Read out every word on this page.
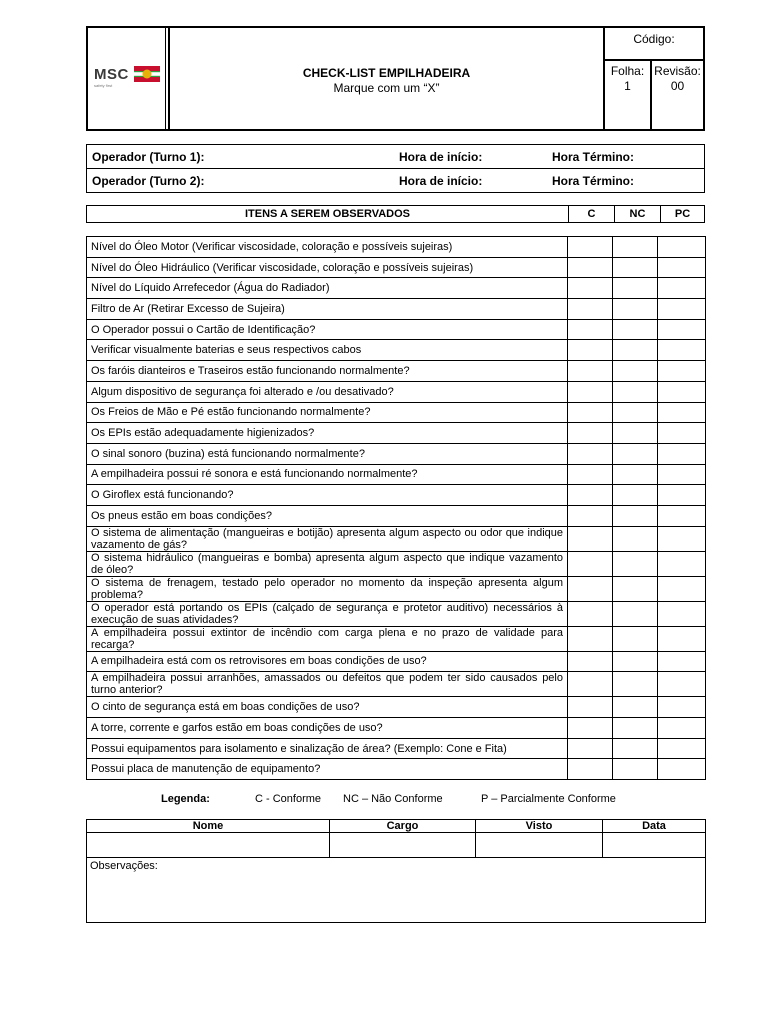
MSC
safety first
CHECK-LIST EMPILHADEIRA
Marque com um “X”
Código:
Folha:
1
Revisão:
00
Operador (Turno 1):	Hora de início:	Hora Término:

Operador (Turno 2):	Hora de início:	Hora Término:
ITENS A SEREM OBSERVADOS	C	NC	PC
Nível do Óleo Motor (Verificar viscosidade, coloração e possíveis sujeiras)			
Nível do Óleo Hidráulico (Verificar viscosidade, coloração e possíveis sujeiras)			
Nível do Líquido Arrefecedor (Água do Radiador)			
Filtro de Ar (Retirar Excesso de Sujeira)			
O Operador possui o Cartão de Identificação?			
Verificar visualmente baterias e seus respectivos cabos			
Os faróis dianteiros e Traseiros estão funcionando normalmente?			
Algum dispositivo de segurança foi alterado e /ou desativado?			
Os Freios de Mão e Pé estão funcionando normalmente?			
Os EPIs estão adequadamente higienizados?			
O sinal sonoro (buzina) está funcionando normalmente?			
A empilhadeira possui ré sonora e está funcionando normalmente?			
O Giroflex está funcionando?			
Os pneus estão em boas condições?			
O sistema de alimentação (mangueiras e botijão) apresenta algum aspecto ou odor que indique vazamento de gás?			
O sistema hidráulico (mangueiras e bomba) apresenta algum aspecto que indique vazamento de óleo?			
O sistema de frenagem, testado pelo operador no momento da inspeção apresenta algum problema?			
O operador está portando os EPIs (calçado de segurança e protetor auditivo) necessários à execução de suas atividades?			
A empilhadeira possui extintor de incêndio com carga plena e no prazo de validade para recarga?			
A empilhadeira está com os retrovisores em boas condições de uso?			
A empilhadeira possui arranhões, amassados ou defeitos que podem ter sido causados pelo turno anterior?			
O cinto de segurança está em boas condições de uso?			
A torre, corrente e garfos estão em boas condições de uso?			
Possui equipamentos para isolamento e sinalização de área? (Exemplo: Cone e Fita)			
Possui placa de manutenção de equipamento?			
Legenda:	C - Conforme NC – Não Conforme	P – Parcialmente Conforme
Nome	Cargo	Visto	Data

Observações:			
